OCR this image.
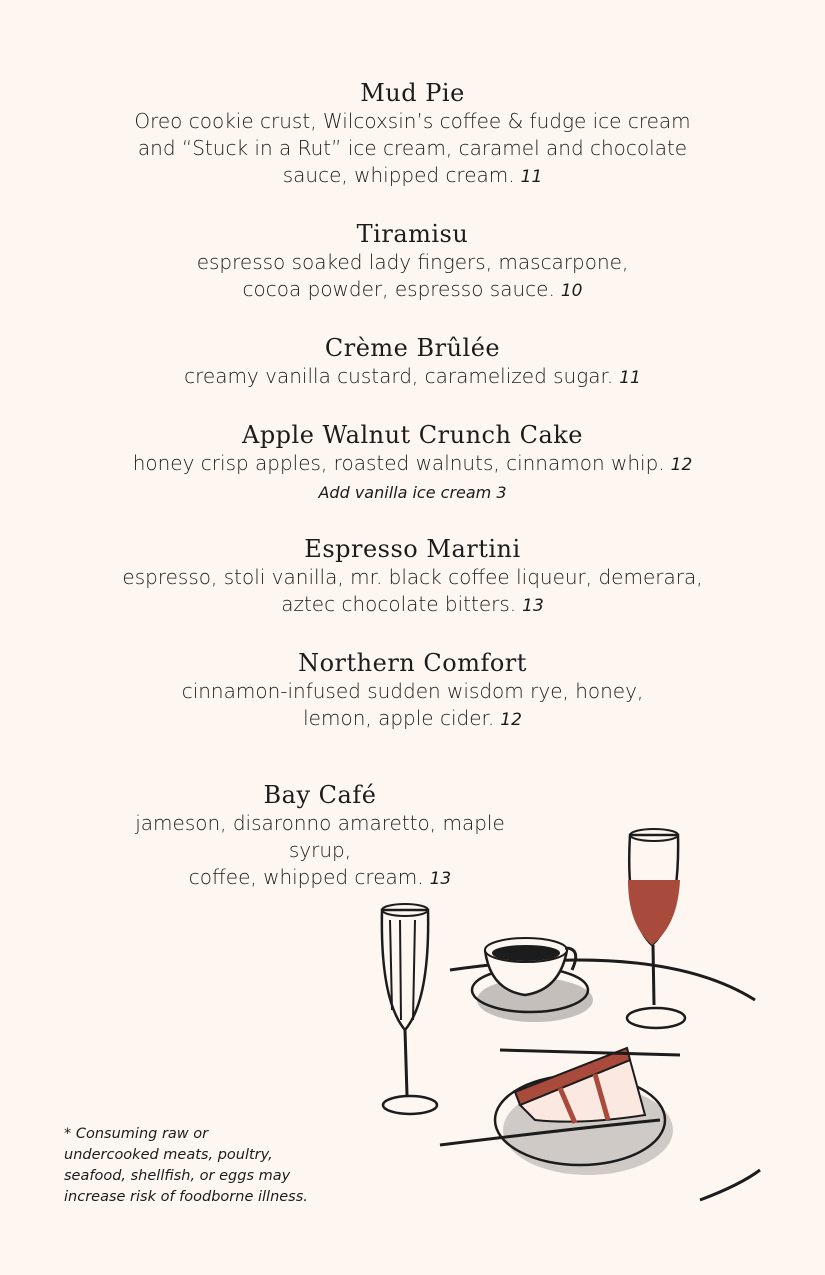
Mud Pie

Oreo cookie crust, Wilcoxsin’s coffee & fudge ice cream
and “Stuck in a Rut” ice cream, caramel and chocolate
sauce, whipped cream. 11

Tiramisu

espresso soaked lady fingers, mascarpone,
cocoa powder, espresso sauce. 10

Crème Brûlée

creamy vanilla custard, caramelized sugar. 11

Apple Walnut Crunch Cake

honey crisp apples, roasted walnuts, cinnamon whip. 12

Add vanilla ice cream 3

Espresso Martini

espresso, stoli vanilla, mr. black coffee liqueur, demerara,
aztec chocolate bitters. 13

Northern Comfort

cinnamon-infused sudden wisdom rye, honey,
lemon, apple cider. 12

Bay Café

jameson, disaronno amaretto, maple syrup,
coffee, whipped cream. 13

* Consuming raw or
undercooked meats, poultry,
seafood, shellfish, or eggs may
increase risk of foodborne illness.
